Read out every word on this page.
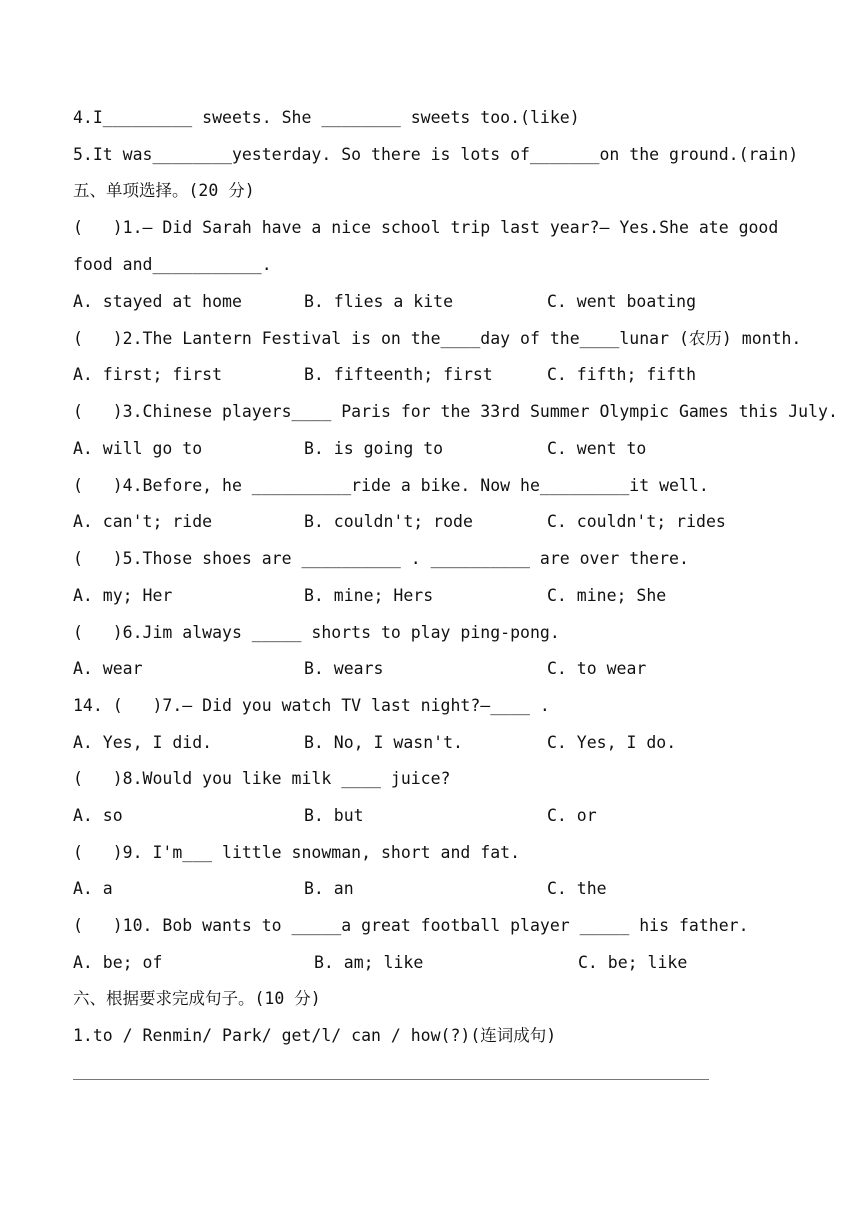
4.I_________ sweets. She ________ sweets too.(like)
5.It was________yesterday. So there is lots of_______on the ground.(rain)
五、单项选择。(20 分)
(   )1.— Did Sarah have a nice school trip last year?— Yes.She ate good
food and___________.

A. stayed at home

	B. flies a kite

	C. went boating

(   )2.The Lantern Festival is on the____day of the____lunar (农历) month.

A. first; first

	B. fifteenth; first

	C. fifth; fifth

(   )3.Chinese players____ Paris for the 33rd Summer Olympic Games this July.

A. will go to

	B. is going to

	C. went to

(   )4.Before, he __________ride a bike. Now he_________it well.

A. can't; ride

	B. couldn't; rode

	C. couldn't; rides

(   )5.Those shoes are __________ . __________ are over there.

A. my; Her

	B. mine; Hers

	C. mine; She

(   )6.Jim always _____ shorts to play ping-pong.

A. wear

	B. wears

	C. to wear

14. (   )7.— Did you watch TV last night?—____ .

A. Yes, I did.

	B. No, I wasn't.

	C. Yes, I do.

(   )8.Would you like milk ____ juice?

A. so

	B. but

	C. or

(   )9. I'm___ little snowman, short and fat.

A. a

	B. an

	C. the

(   )10. Bob wants to _____a great football player _____ his father.

A. be; of

	B. am; like

	C. be; like

六、根据要求完成句子。(10 分)
1.to / Renmin/ Park/ get/l/ can / how(?)(连词成句)
